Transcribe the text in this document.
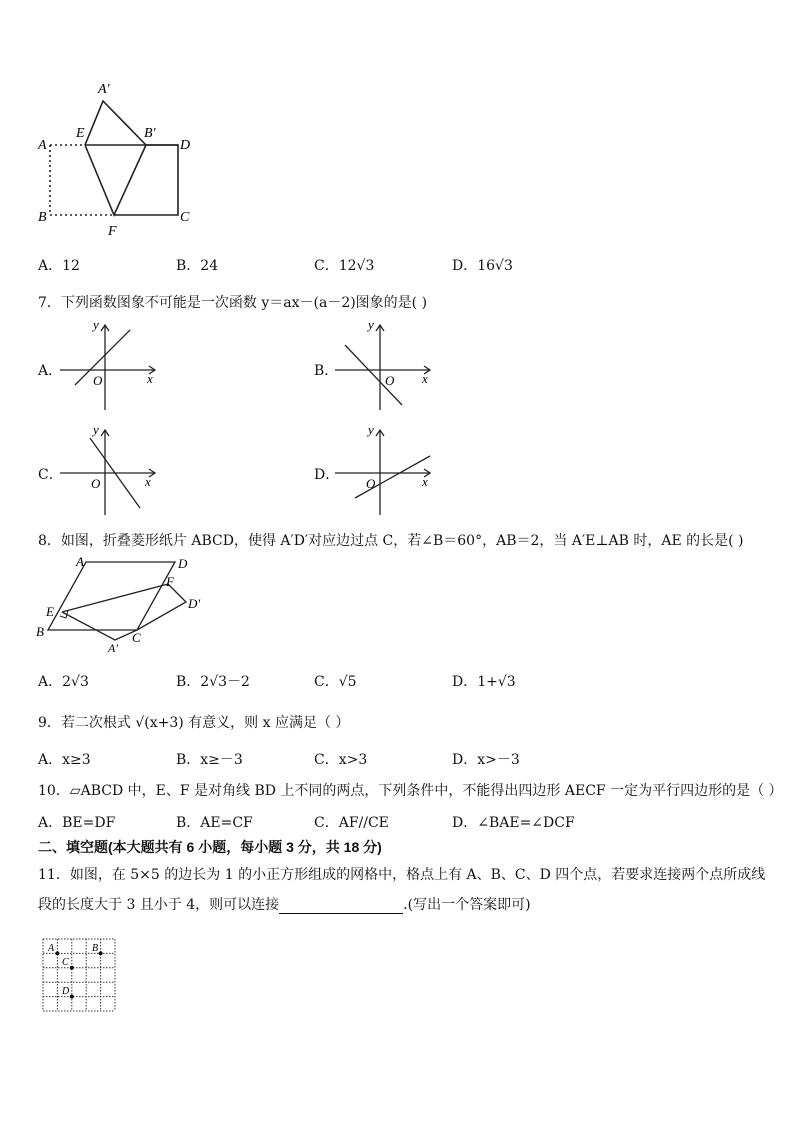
A′
A
E	B′
D
B
F
C
A．12	B．24	C．12√3	D．16√3
7．下列函数图象不可能是一次函数 y＝ax－(a－2)图象的是( )
A．	x
y
O
B．	x
y
O
C．	x
y
O
D．	x
y
O
8．如图，折叠菱形纸片 ABCD，使得 A′D′对应边过点 C，若∠B＝60°，AB＝2，当 A′E⊥AB 时，AE 的长是( )
A	D
F
D′
E
B	C
A′
A．2√3	B．2√3－2	C．√5	D．1+√3
9．若二次根式 √(x+3) 有意义，则 x 应满足（ ）
A．x≥3	B．x≥－3	C．x>3	D．x>－3
10．▱ABCD 中，E、F 是对角线 BD 上不同的两点，下列条件中，不能得出四边形 AECF 一定为平行四边形的是（ ）
A．BE=DF	B．AE=CF	C．AF//CE	D．∠BAE=∠DCF
二、填空题(本大题共有 6 小题，每小题 3 分，共 18 分)
11．如图，在 5×5 的边长为 1 的小正方形组成的网格中，格点上有 A、B、C、D 四个点，若要求连接两个点所成线
段的长度大于 3 且小于 4，则可以连接	.(写出一个答案即可)
A	B
C
D
